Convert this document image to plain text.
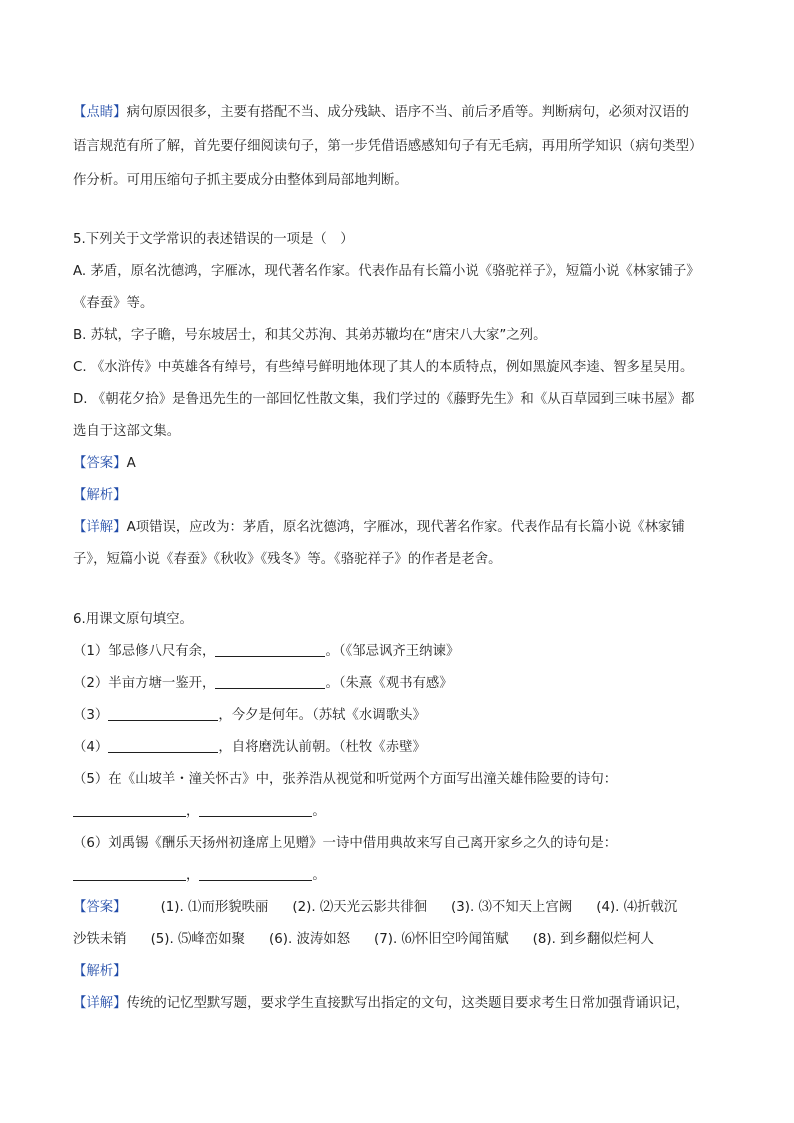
【点睛】病句原因很多，主要有搭配不当、成分残缺、语序不当、前后矛盾等。判断病句，必须对汉语的
语言规范有所了解，首先要仔细阅读句子，第一步凭借语感感知句子有无毛病，再用所学知识（病句类型）
作分析。可用压缩句子抓主要成分由整体到局部地判断。
5.下列关于文学常识的表述错误的一项是（　）
A. 茅盾，原名沈德鸿，字雁冰，现代著名作家。代表作品有长篇小说《骆驼祥子》，短篇小说《林家铺子》
《春蚕》等。
B. 苏轼，字子瞻，号东坡居士，和其父苏洵、其弟苏辙均在“唐宋八大家”之列。
C. 《水浒传》中英雄各有绰号，有些绰号鲜明地体现了其人的本质特点，例如黑旋风李逵、智多星吴用。
D. 《朝花夕拾》是鲁迅先生的一部回忆性散文集，我们学过的《藤野先生》和《从百草园到三味书屋》都
选自于这部文集。
【答案】A
【解析】
【详解】A项错误，应改为：茅盾，原名沈德鸿，字雁冰，现代著名作家。代表作品有长篇小说《林家铺
子》，短篇小说《春蚕》《秋收》《残冬》等。《骆驼祥子》的作者是老舍。
6.用课文原句填空。
（1）邹忌修八尺有余，	。（《邹忌讽齐王纳谏》
（2）半亩方塘一鉴开，	。（朱熹《观书有感》
（3）	，今夕是何年。（苏轼《水调歌头》
（4）	，自将磨洗认前朝。（杜牧《赤壁》
（5）在《山坡羊・潼关怀古》中，张养浩从视觉和听觉两个方面写出潼关雄伟险要的诗句：
，	。
（6）刘禹锡《酬乐天扬州初逢席上见赠》一诗中借用典故来写自己离开家乡之久的诗句是：
，	。
【答案】	(1). ⑴而形貌昳丽 (2). ⑵天光云影共徘徊 (3). ⑶不知天上宫阙 (4). ⑷折戟沉
沙铁未销 (5). ⑸峰峦如聚 (6). 波涛如怒 (7). ⑹怀旧空吟闻笛赋 (8). 到乡翻似烂柯人
【解析】
【详解】传统的记忆型默写题，要求学生直接默写出指定的文句，这类题目要求考生日常加强背诵识记，
